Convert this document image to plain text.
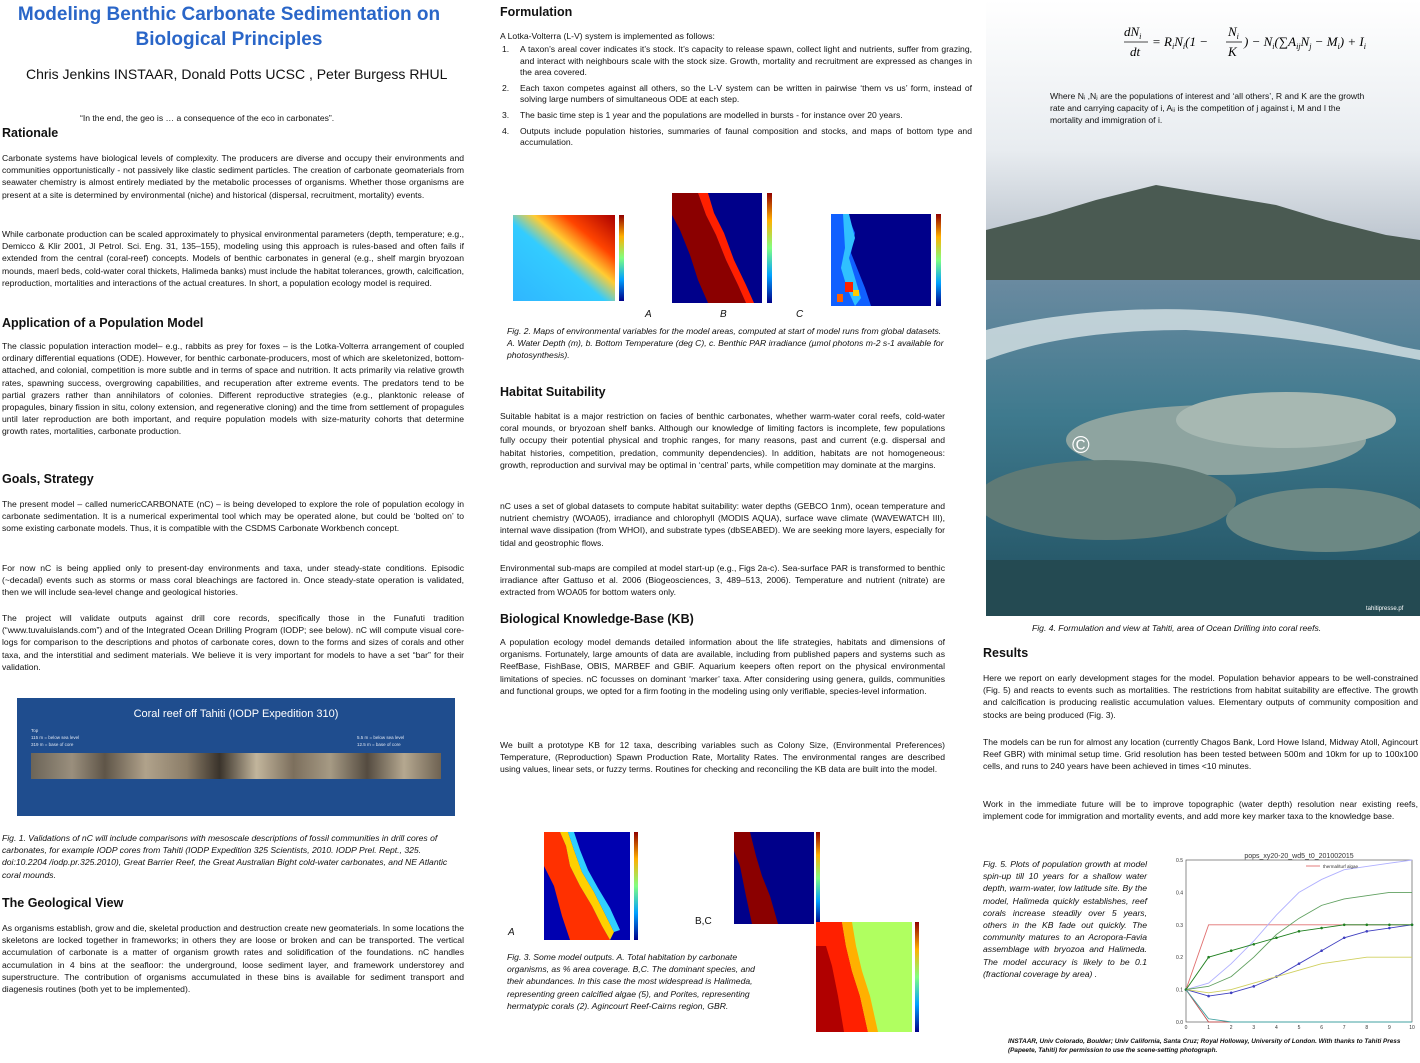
Modeling Benthic Carbonate Sedimentation on Biological Principles
Chris Jenkins INSTAAR, Donald Potts UCSC , Peter Burgess RHUL
“In the end, the geo is … a consequence of the eco in carbonates”.
Rationale

Carbonate systems have biological levels of complexity. The producers are diverse and occupy their environments and communities opportunistically - not passively like clastic sediment particles. The creation of carbonate geomaterials from seawater chemistry is almost entirely mediated by the metabolic processes of organisms. Whether those organisms are present at a site is determined by environmental (niche) and historical (dispersal, recruitment, mortality) events.

While carbonate production can be scaled approximately to physical environmental parameters (depth, temperature; e.g., Demicco & Klir 2001, Jl Petrol. Sci. Eng. 31, 135–155), modeling using this approach is rules-based and often fails if extended from the central (coral-reef) concepts. Models of benthic carbonates in general (e.g., shelf margin bryozoan mounds, maerl beds, cold-water coral thickets, Halimeda banks) must include the habitat tolerances, growth, calcification, reproduction, mortalities and interactions of the actual creatures. In short, a population ecology model is required.

Application of a Population Model

The classic population interaction model– e.g., rabbits as prey for foxes – is the Lotka-Volterra arrangement of coupled ordinary differential equations (ODE). However, for benthic carbonate-producers, most of which are skeletonized, bottom-attached, and colonial, competition is more subtle and in terms of space and nutrition. It acts primarily via relative growth rates, spawning success, overgrowing capabilities, and recuperation after extreme events. The predators tend to be partial grazers rather than annihilators of colonies. Different reproductive strategies (e.g., planktonic release of propagules, binary fission in situ, colony extension, and regenerative cloning) and the time from settlement of propagules until later reproduction are both important, and require population models with size-maturity cohorts that determine growth rates, mortalities, carbonate production.

Goals, Strategy

The present model – called numericCARBONATE (nC) – is being developed to explore the role of population ecology in carbonate sedimentation. It is a numerical experimental tool which may be operated alone, but could be ‘bolted on’ to some existing carbonate models. Thus, it is compatible with the CSDMS Carbonate Workbench concept.

For now nC is being applied only to present-day environments and taxa, under steady-state conditions. Episodic (~decadal) events such as storms or mass coral bleachings are factored in. Once steady-state operation is validated, then we will include sea-level change and geological histories.

The project will validate outputs against drill core records, specifically those in the Funafuti tradition (“www.tuvaluislands.com”) and of the Integrated Ocean Drilling Program (IODP; see below). nC will compute visual core-logs for comparison to the descriptions and photos of carbonate cores, down to the forms and sizes of corals and other taxa, and the interstitial and sediment materials. We believe it is very important for models to have a set “bar” for their validation.

Coral reef off Tahiti (IODP Expedition 310)
Top
115 m = below sea level
319 m = base of core
5.5 m = below sea level
12.5 m = base of core

Fig. 1. Validations of nC will include comparisons with mesoscale descriptions of fossil communities in drill cores of carbonates, for example IODP cores from Tahiti (IODP Expedition 325 Scientists, 2010. IODP Prel. Rept., 325. doi:10.2204 /iodp.pr.325.2010), Great Barrier Reef, the Great Australian Bight cold-water carbonates, and NE Atlantic coral mounds.

The Geological View

As organisms establish, grow and die, skeletal production and destruction create new geomaterials. In some locations the skeletons are locked together in frameworks; in others they are loose or broken and can be transported. The vertical accumulation of carbonate is a matter of organism growth rates and solidification of the foundations. nC handles accumulation in 4 bins at the seafloor: the underground, loose sediment layer, and framework understorey and superstructure. The contribution of organisms accumulated in these bins is available for sediment transport and diagenesis routines (both yet to be implemented).

Formulation
A Lotka-Volterra (L-V) system is implemented as follows:
1. A taxon’s areal cover indicates it’s stock. It’s capacity to release spawn, collect light and nutrients, suffer from grazing, and interact with neighbours scale with the stock size. Growth, mortality and recruitment are expressed as changes in the area covered.
2. Each taxon competes against all others, so the L-V system can be written in pairwise ‘them vs us’ form, instead of solving large numbers of simultaneous ODE at each step.
3. The basic time step is 1 year and the populations are modelled in bursts - for instance over 20 years.
4. Outputs include population histories, summaries of faunal composition and stocks, and maps of bottom type and accumulation.
A	B	C

Fig. 2. Maps of environmental variables for the model areas, computed at start of model runs from global datasets. A. Water Depth (m), b. Bottom Temperature (deg C), c. Benthic PAR irradiance (µmol photons m-2 s-1 available for photosynthesis).

Habitat Suitability

Suitable habitat is a major restriction on facies of benthic carbonates, whether warm-water coral reefs, cold-water coral mounds, or bryozoan shelf banks. Although our knowledge of limiting factors is incomplete, few populations fully occupy their potential physical and trophic ranges, for many reasons, past and current (e.g. dispersal and habitat histories, competition, predation, community dependencies). In addition, habitats are not homogeneous: growth, reproduction and survival may be optimal in ‘central’ parts, while competition may dominate at the margins.

nC uses a set of global datasets to compute habitat suitability: water depths (GEBCO 1nm), ocean temperature and nutrient chemistry (WOA05), irradiance and chlorophyll (MODIS AQUA), surface wave climate (WAVEWATCH III), internal wave dissipation (from WHOI), and substrate types (dbSEABED). We are seeking more layers, especially for tidal and geostrophic flows.

Environmental sub-maps are compiled at model start-up (e.g., Figs 2a-c). Sea-surface PAR is transformed to benthic irradiance after Gattuso et al. 2006 (Biogeosciences, 3, 489–513, 2006). Temperature and nutrient (nitrate) are extracted from WOA05 for bottom waters only.

Biological Knowledge-Base (KB)

A population ecology model demands detailed information about the life strategies, habitats and dimensions of organisms. Fortunately, large amounts of data are available, including from published papers and systems such as ReefBase, FishBase, OBIS, MARBEF and GBIF. Aquarium keepers often report on the physical environmental limitations of species. nC focusses on dominant ‘marker’ taxa. After considering using genera, guilds, communities and functional groups, we opted for a firm footing in the modeling using only verifiable, species-level information.

We built a prototype KB for 12 taxa, describing variables such as Colony Size, (Environmental Preferences) Temperature, (Reproduction) Spawn Production Rate, Mortality Rates. The environmental ranges are described using values, linear sets, or fuzzy terms. Routines for checking and reconciling the KB data are built into the model.

A
B,C

Fig. 3. Some model outputs. A. Total habitation by carbonate organisms, as % area coverage. B,C. The dominant species, and their abundances. In this case the most widespread is Halimeda, representing green calcified algae (5), and Porites, representing hermatypic corals (2). Agincourt Reef-Cairns region, GBR.

$dN_i$
dt
= $R_iN_i(1$ −
$N_i$
K
) − $N_i(\sum A_{ij}N_j - M_i) + I_i$
Where Nᵢ ,Nⱼ are the populations of interest and ‘all others’, R and K are the growth rate and carrying capacity of i, Aᵢⱼ is the competition of j against i, M and I the mortality and immigration of i.
©
tahitipresse.pf

Fig. 4. Formulation and view at Tahiti, area of Ocean Drilling into coral reefs.

Results

Here we report on early development stages for the model. Population behavior appears to be well-constrained (Fig. 5) and reacts to events such as mortalities. The restrictions from habitat suitability are effective. The growth and calcification is producing realistic accumulation values. Elementary outputs of community composition and stocks are being produced (Fig. 3).

The models can be run for almost any location (currently Chagos Bank, Lord Howe Island, Midway Atoll, Agincourt Reef GBR) with minimal setup time. Grid resolution has been tested between 500m and 10km for up to 100x100 cells, and runs to 240 years have been achieved in times <10 minutes.

Work in the immediate future will be to improve topographic (water depth) resolution near existing reefs, implement code for immigration and mortality events, and add more key marker taxa to the knowledge base.

Fig. 5. Plots of population growth at model spin-up till 10 years for a shallow water depth, warm-water, low latitude site. By the model, Halimeda quickly establishes, reef corals increase steadily over 5 years, others in the KB fade out quickly. The community matures to an Acropora-Favia assemblage with bryozoa and Halimeda. The model accuracy is likely to be 0.1 (fractional coverage by area) .

pops_xy20-20_wd5_t0_201002015
0.0
0.1
0.2
0.3
0.4
0.5
0	1	2	3	4	5	6	7	8	9	10
thermal/turf algae
INSTAAR, Univ Colorado, Boulder; Univ California, Santa Cruz; Royal Holloway, University of London. With thanks to Tahiti Press (Papeete, Tahiti) for permission to use the scene-setting photograph.
